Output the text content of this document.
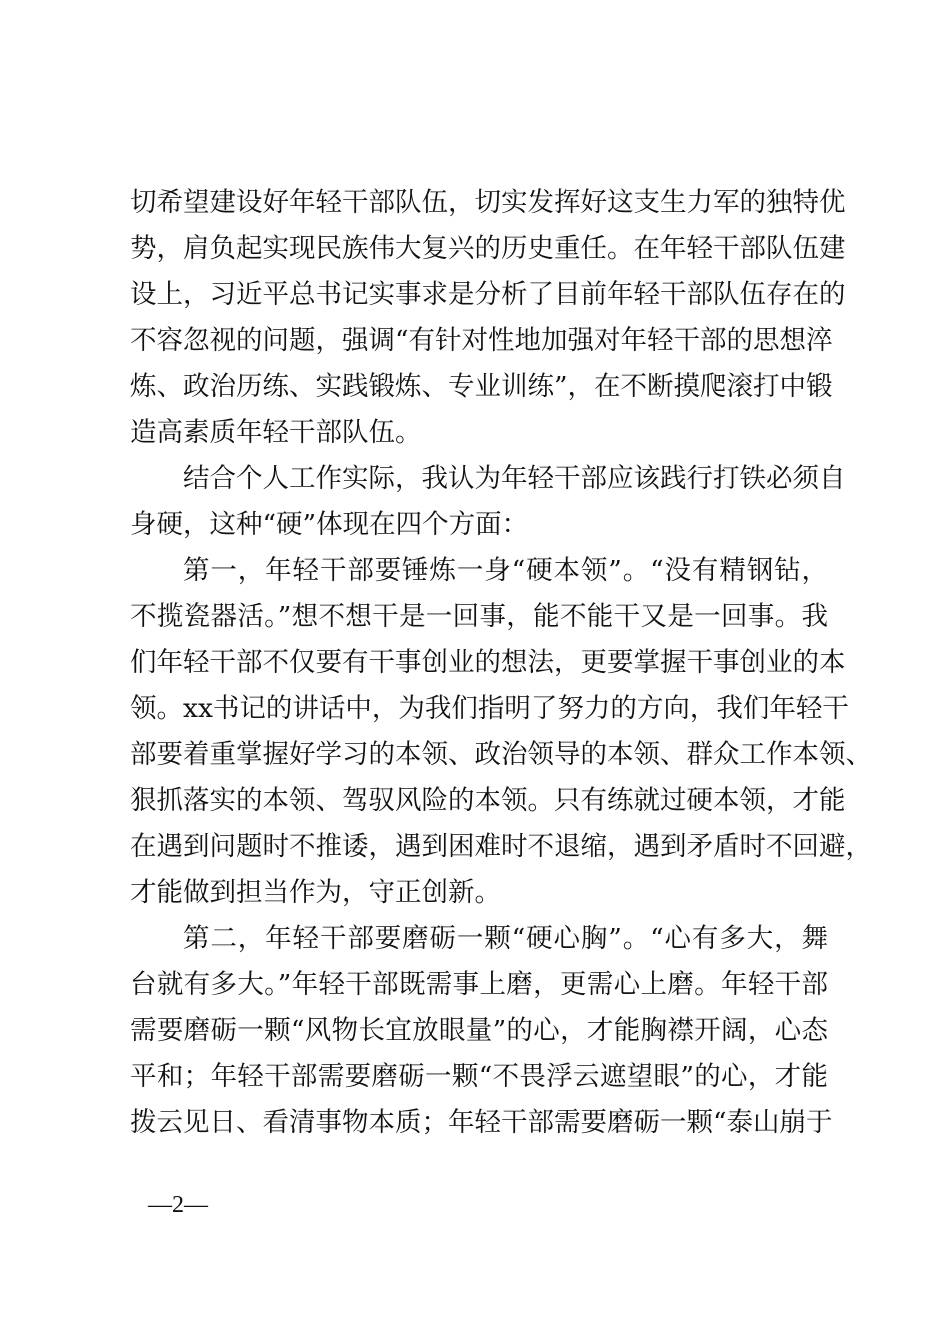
切希望建设好年轻干部队伍，切实发挥好这支生力军的独特优
势，肩负起实现民族伟大复兴的历史重任。在年轻干部队伍建
设上，习近平总书记实事求是分析了目前年轻干部队伍存在的
不容忽视的问题，强调“有针对性地加强对年轻干部的思想淬
炼、政治历练、实践锻炼、专业训练”，在不断摸爬滚打中锻
造高素质年轻干部队伍。
结合个人工作实际，我认为年轻干部应该践行打铁必须自
身硬，这种“硬”体现在四个方面：
第一，年轻干部要锤炼一身“硬本领”。“没有精钢钻，
不揽瓷器活。”想不想干是一回事，能不能干又是一回事。我
们年轻干部不仅要有干事创业的想法，更要掌握干事创业的本
领。xx书记的讲话中，为我们指明了努力的方向，我们年轻干
部要着重掌握好学习的本领、政治领导的本领、群众工作本领、
狠抓落实的本领、驾驭风险的本领。只有练就过硬本领，才能
在遇到问题时不推诿，遇到困难时不退缩，遇到矛盾时不回避，
才能做到担当作为，守正创新。
第二，年轻干部要磨砺一颗“硬心胸”。“心有多大，舞
台就有多大。”年轻干部既需事上磨，更需心上磨。年轻干部
需要磨砺一颗“风物长宜放眼量”的心，才能胸襟开阔，心态
平和；年轻干部需要磨砺一颗“不畏浮云遮望眼”的心，才能
拨云见日、看清事物本质；年轻干部需要磨砺一颗“泰山崩于
—2—
